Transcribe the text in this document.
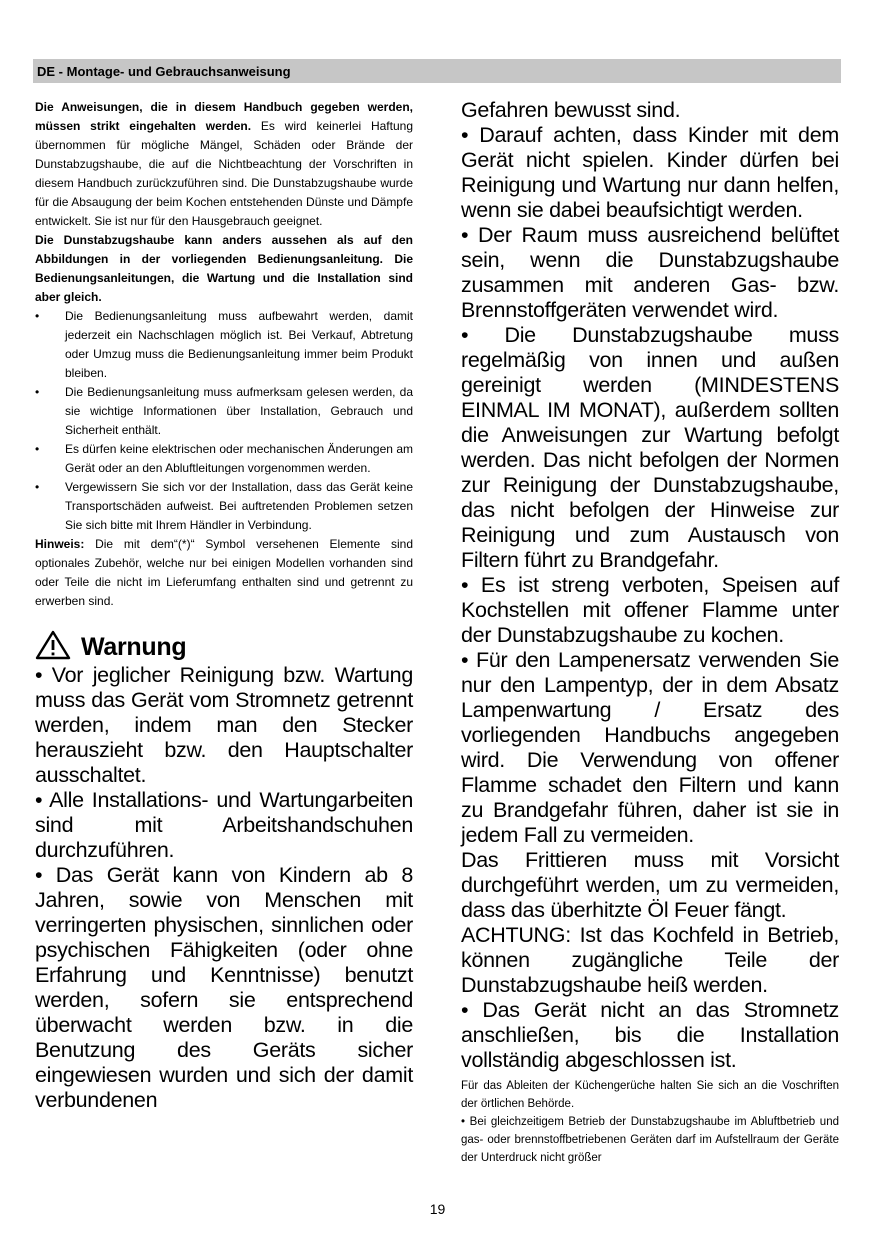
DE - Montage- und Gebrauchsanweisung

Die Anweisungen, die in diesem Handbuch gegeben werden, müssen strikt eingehalten werden. Es wird keinerlei Haftung übernommen für mögliche Mängel, Schäden oder Brände der Dunstabzugshaube, die auf die Nichtbeachtung der Vorschriften in diesem Handbuch zurückzuführen sind. Die Dunstabzugshaube wurde für die Absaugung der beim Kochen entstehenden Dünste und Dämpfe entwickelt. Sie ist nur für den Hausgebrauch geeignet.

Die Dunstabzugshaube kann anders aussehen als auf den Abbildungen in der vorliegenden Bedienungsanleitung. Die Bedienungsanleitungen, die Wartung und die Installation sind aber gleich.

• Die Bedienungsanleitung muss aufbewahrt werden, damit jederzeit ein Nachschlagen möglich ist. Bei Verkauf, Abtretung oder Umzug muss die Bedienungsanleitung immer beim Produkt bleiben.
• Die Bedienungsanleitung muss aufmerksam gelesen werden, da sie wichtige Informationen über Installation, Gebrauch und Sicherheit enthält.
• Es dürfen keine elektrischen oder mechanischen Änderungen am Gerät oder an den Abluftleitungen vorgenommen werden.
• Vergewissern Sie sich vor der Installation, dass das Gerät keine Transportschäden aufweist. Bei auftretenden Problemen setzen Sie sich bitte mit Ihrem Händler in Verbindung.

Hinweis: Die mit dem“(*)“ Symbol versehenen Elemente sind optionales Zubehör, welche nur bei einigen Modellen vorhanden sind oder Teile die nicht im Lieferumfang enthalten sind und getrennt zu erwerben sind.

Warnung

• Vor jeglicher Reinigung bzw. Wartung muss das Gerät vom Stromnetz getrennt werden, indem man den Stecker herauszieht bzw. den Hauptschalter ausschaltet.

• Alle Installations- und Wartungarbeiten sind mit Arbeitshandschuhen durchzuführen.

• Das Gerät kann von Kindern ab 8 Jahren, sowie von Menschen mit verringerten physischen, sinnlichen oder psychischen Fähigkeiten (oder ohne Erfahrung und Kenntnisse) benutzt werden, sofern sie entsprechend überwacht werden bzw. in die Benutzung des Geräts sicher eingewiesen wurden und sich der damit verbundenen

Gefahren bewusst sind.

• Darauf achten, dass Kinder mit dem Gerät nicht spielen. Kinder dürfen bei Reinigung und Wartung nur dann helfen, wenn sie dabei beaufsichtigt werden.

• Der Raum muss ausreichend belüftet sein, wenn die Dunstabzugshaube zusammen mit anderen Gas- bzw. Brennstoffgeräten verwendet wird.

• Die Dunstabzugshaube muss regelmäßig von innen und außen gereinigt werden (MINDESTENS EINMAL IM MONAT), außerdem sollten die Anweisungen zur Wartung befolgt werden. Das nicht befolgen der Normen zur Reinigung der Dunstabzugshaube, das nicht befolgen der Hinweise zur Reinigung und zum Austausch von Filtern führt zu Brandgefahr.

• Es ist streng verboten, Speisen auf Kochstellen mit offener Flamme unter der Dunstabzugshaube zu kochen.

• Für den Lampenersatz verwenden Sie nur den Lampentyp, der in dem Absatz Lampenwartung / Ersatz des vorliegenden Handbuchs angegeben wird. Die Verwendung von offener Flamme schadet den Filtern und kann zu Brandgefahr führen, daher ist sie in jedem Fall zu vermeiden.

Das Frittieren muss mit Vorsicht durchgeführt werden, um zu vermeiden, dass das überhitzte Öl Feuer fängt.

ACHTUNG: Ist das Kochfeld in Betrieb, können zugängliche Teile der Dunstabzugshaube heiß werden.

• Das Gerät nicht an das Stromnetz anschließen, bis die Installation vollständig abgeschlossen ist.

Für das Ableiten der Küchengerüche halten Sie sich an die Voschriften der örtlichen Behörde.

• Bei gleichzeitigem Betrieb der Dunstabzugshaube im Abluftbetrieb und gas- oder brennstoffbetriebenen Geräten darf im Aufstellraum der Geräte der Unterdruck nicht größer

19
